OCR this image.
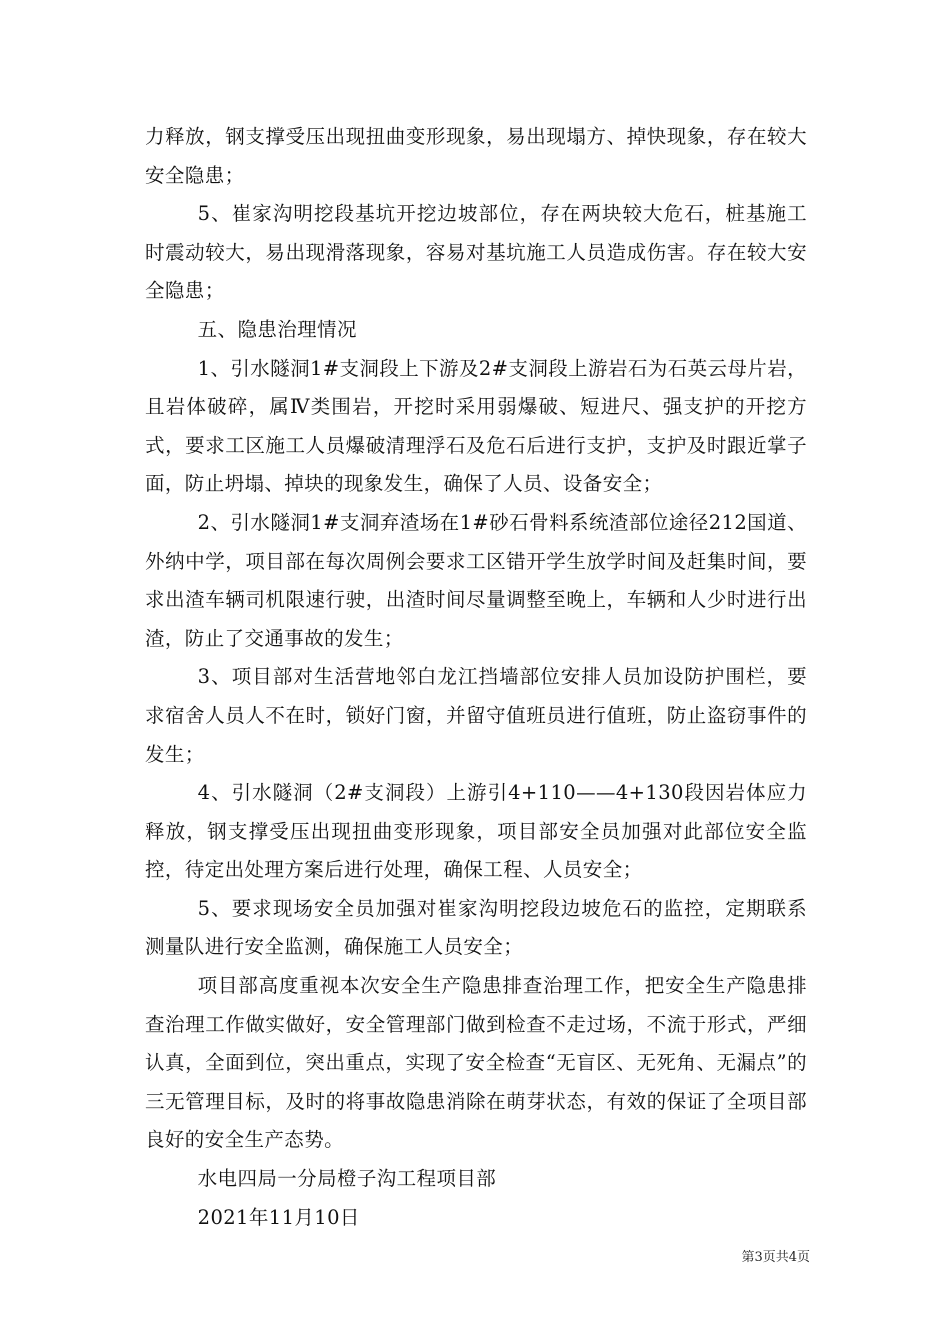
力释放，钢支撑受压出现扭曲变形现象，易出现塌方、掉快现象，存在较大安全隐患；

5、崔家沟明挖段基坑开挖边坡部位，存在两块较大危石，桩基施工时震动较大，易出现滑落现象，容易对基坑施工人员造成伤害。存在较大安全隐患；

五、隐患治理情况

1、引水隧洞1#支洞段上下游及2#支洞段上游岩石为石英云母片岩，且岩体破碎，属Ⅳ类围岩，开挖时采用弱爆破、短进尺、强支护的开挖方式，要求工区施工人员爆破清理浮石及危石后进行支护，支护及时跟近掌子面，防止坍塌、掉块的现象发生，确保了人员、设备安全；

2、引水隧洞1#支洞弃渣场在1#砂石骨料系统渣部位途径212国道、外纳中学，项目部在每次周例会要求工区错开学生放学时间及赶集时间，要求出渣车辆司机限速行驶，出渣时间尽量调整至晚上，车辆和人少时进行出渣，防止了交通事故的发生；

3、项目部对生活营地邻白龙江挡墙部位安排人员加设防护围栏，要求宿舍人员人不在时，锁好门窗，并留守值班员进行值班，防止盗窃事件的发生；

4、引水隧洞（2#支洞段）上游引4+110——4+130段因岩体应力释放，钢支撑受压出现扭曲变形现象，项目部安全员加强对此部位安全监控，待定出处理方案后进行处理，确保工程、人员安全；

5、要求现场安全员加强对崔家沟明挖段边坡危石的监控，定期联系测量队进行安全监测，确保施工人员安全；

项目部高度重视本次安全生产隐患排查治理工作，把安全生产隐患排查治理工作做实做好，安全管理部门做到检查不走过场，不流于形式，严细认真，全面到位，突出重点，实现了安全检查“无盲区、无死角、无漏点”的三无管理目标，及时的将事故隐患消除在萌芽状态，有效的保证了全项目部良好的安全生产态势。

水电四局一分局橙子沟工程项目部

2021年11月10日

第3页共4页
